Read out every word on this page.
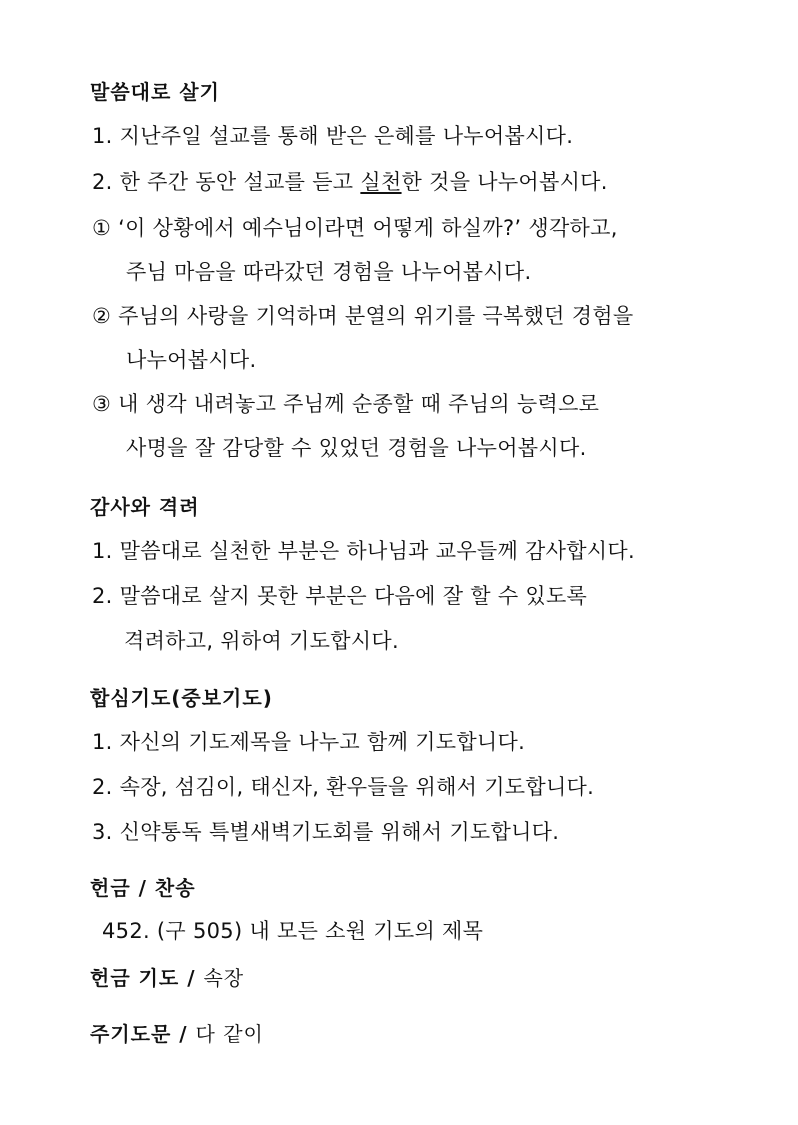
말씀대로 살기
1. 지난주일 설교를 통해 받은 은혜를 나누어봅시다.
2. 한 주간 동안 설교를 듣고 실천한 것을 나누어봅시다.
① ‘이 상황에서 예수님이라면 어떻게 하실까?’ 생각하고,
주님 마음을 따라갔던 경험을 나누어봅시다.
② 주님의 사랑을 기억하며 분열의 위기를 극복했던 경험을
나누어봅시다.
③ 내 생각 내려놓고 주님께 순종할 때 주님의 능력으로
사명을 잘 감당할 수 있었던 경험을 나누어봅시다.
감사와 격려
1. 말씀대로 실천한 부분은 하나님과 교우들께 감사합시다.
2. 말씀대로 살지 못한 부분은 다음에 잘 할 수 있도록
격려하고, 위하여 기도합시다.
합심기도(중보기도)
1. 자신의 기도제목을 나누고 함께 기도합니다.
2. 속장, 섬김이, 태신자, 환우들을 위해서 기도합니다.
3. 신약통독 특별새벽기도회를 위해서 기도합니다.
헌금 / 찬송
452. (구 505) 내 모든 소원 기도의 제목
헌금 기도 / 속장
주기도문 / 다 같이
